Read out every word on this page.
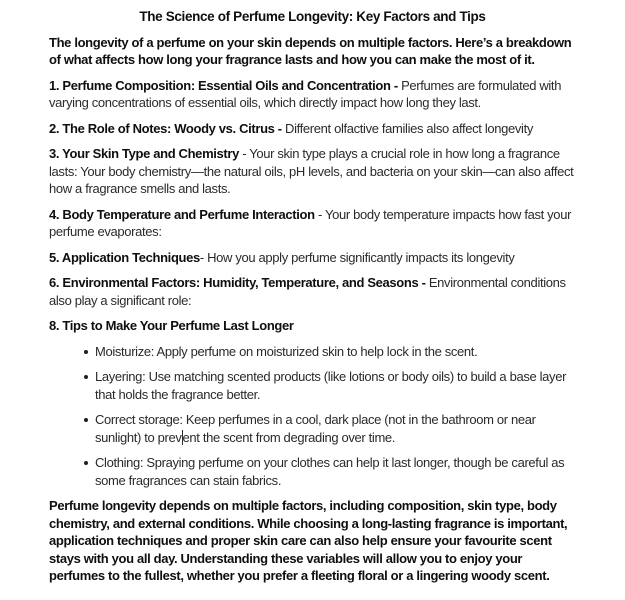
The Science of Perfume Longevity: Key Factors and Tips

The longevity of a perfume on your skin depends on multiple factors. Here’s a breakdown of what affects how long your fragrance lasts and how you can make the most of it.

1. Perfume Composition: Essential Oils and Concentration - Perfumes are formulated with varying concentrations of essential oils, which directly impact how long they last.

2. The Role of Notes: Woody vs. Citrus - Different olfactive families also affect longevity

3. Your Skin Type and Chemistry - Your skin type plays a crucial role in how long a fragrance lasts: Your body chemistry—the natural oils, pH levels, and bacteria on your skin—can also affect how a fragrance smells and lasts.

4. Body Temperature and Perfume Interaction - Your body temperature impacts how fast your perfume evaporates:

5. Application Techniques- How you apply perfume significantly impacts its longevity

6. Environmental Factors: Humidity, Temperature, and Seasons - Environmental conditions also play a significant role:

8. Tips to Make Your Perfume Last Longer

Moisturize: Apply perfume on moisturized skin to help lock in the scent.
Layering: Use matching scented products (like lotions or body oils) to build a base layer that holds the fragrance better.
Correct storage: Keep perfumes in a cool, dark place (not in the bathroom or near sunlight) to prevent the scent from degrading over time.
Clothing: Spraying perfume on your clothes can help it last longer, though be careful as some fragrances can stain fabrics.

Perfume longevity depends on multiple factors, including composition, skin type, body chemistry, and external conditions. While choosing a long-lasting fragrance is important, application techniques and proper skin care can also help ensure your favourite scent stays with you all day. Understanding these variables will allow you to enjoy your perfumes to the fullest, whether you prefer a fleeting floral or a lingering woody scent.
